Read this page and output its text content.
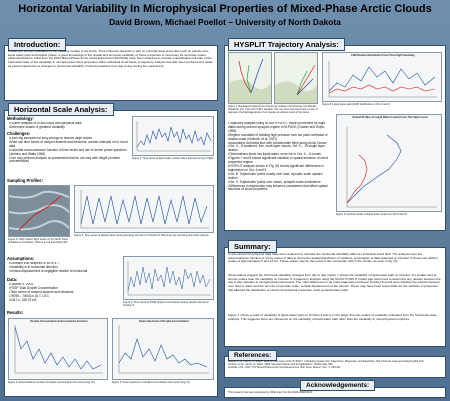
Horizontal Variability In Microphysical Properties of Mixed-Phase Arctic Clouds
David Brown, Michael Poellot – University of North Dakota
Introduction:
Clouds are strong modulators of the radiative budget in the Arctic. Their influence depends in part on microphysical properties such as particle size, liquid water path and particle phase. A good knowledge of the spatial and temporal variability of these properties is necessary for accurate model parameterizations. Data from the 2004 Mixed-Phase Arctic Cloud Experiment (M-PACE) have been analyzed to provide a quantitative estimate of the horizontal scale of the variability in microphysical cloud properties within individual cloud fields. A trajectory analysis has also been performed to relate air parcel trajectories to changes in horizontal variability of cloud properties from day to day during the experiment.
Horizontal Scale Analysis:
Methodology:
• Fourier analysis of in-situ cloud microphysical data
• Determine scales of greatest variability
Challenges:
• Level leg samples not long enough to resolve large scales
• Must use time series of ramped ascents and descents, contain intervals of no cloud data
• Calculate autocovariance function of time series and use to derive power spectrum (Jenkins and Watts 1968)
• Can only perform analysis on parameters that do not vary with height (number concentration)
Figure 1: Time series of liquid water content taken during level leg of flight
Sampling Profiles:
Figure 2: UND Citation flight tracks on the North Slope of Alaska on 9 October. Track is in red and Flight path
Figure 3: Time series of altitude taken during sampling interval on 9 October 8. Blue lines are sounding and scale analysis
Assumptions:
• Constant true airspeed of 80 m s⁻¹
• Variability is in horizontal direction
• Vertical displacement is negligible relative to horizontal
Data:
• October 9, 2004
• FSSP Total Droplet Concentration
• Time series of ramped ascents and descents
• 76096 – 78543 s (U.T. UTC
• 2447 s, 195.76 km
Figure 6: Time series of FSSP droplet concentration during sample interval on October 9
Results:
Droplet Concentration Autocovariance Function
Figure 4: Autocovariance function of droplet concentration time series (Fig. 3c)
Power Spectrum of Droplet Concentration
Figure 5: Power spectrum of droplet concentration time series (Fig. 3c)
HYSPLIT Trajectory Analysis:
Figure 7: Backwards trajectories of hourly air masses encountering over Barrow, Alaska for Oct. 9 and 10 of 48 h duration. The red, blue and green lines on Oct. 9 represent the backtrajectories of air masses at various levels of the cloud.
LWP Number Distribution From Time Flight Sounding
Figure 8: Liquid water path (LWP) distribution on Oct. 8 and 9
• Trajectory analysis using NOAA HYSPLIT model performed for flight dates during second synoptic regime of M-PACE (Draxler and Rolph, 1998)
• Regime consisted of building high pressure over ice pack northeast of Alaska coast (Verlinde, et al. 2007)
• Associated northeast flow with considerable fetch along Arctic Ocean
• Oct. 4 – 8 scattered, thin, multi-layer clouds, Oct. 9 – 15 single layer stratus
• Observations show low liquid water, more ice in Oct. 4 – 8 clouds
• Figures 7 and 8 shows significant variation in spatial structure of cloud properties regime
• HYSPLIT analysis shown in Fig. (8) shows significant differences in trajectories on Oct. 6 and 9
• Oct. 8: Trajectories' paths mostly over land, synoptic scale upward motion
• Oct. 9: Trajectories' paths over ocean, synoptic scale subsidence
• Differences in trajectories may influence parameters that affect spatial structure of cloud properties
Vertical Profiles of Liquid Water Content From The Flight Levels
Figure 9: Vertical profiles of liquid water content on Oct 8 and 10
Summary:
In-situ cloud microphysical data have been analyzed to estimate the horizontal variability within an individual cloud field. The analysis uses the autocovariance function of a time series of data to derive the spatial distribution of variance. An analysis of data collected on October 9 shows two distinct scales of approximately 5 and 12 km. These scales may be the result of the mesoscale rolls in the clouds, as seen in fig. (2).
Observations suggest the horizontal variability changed from day to day. Figure 7 shows the variability in liquid water path on October 4 is smaller and at shorter scales than the variability on October 9. A trajectory analysis using the NOAA HYSPLIT model was performed to determine any relation between the day to day variation in microphysical parameters. The main differences in air mass trajectories between October 8 and 9 were whether the parcels traveled over land or water and the amount of synoptic scale, vertical displacement of the parcels. These may have been responsible for the variation in properties that affected the distribution of cloud microphysical properties, such as liquid water path.
Figure 7 shows a scale of variability of liquid water path on October 9 that is much larger than the scales of variability estimated from the horizontal scale analysis. This suggests there are influences on the variability of liquid water path other than the variability in microphysical properties.
References:
Draxler, R. R., and G. D. Rolph, 1998: An Overview of the HYSPLIT_4 Modeling System For Trajectories, Dispersion, and Deposition. http://www.arl.noaa.gov/ready/hysplit4.html
Jenkins, G. M., and D. G. Watts, 1968: Spectral Analysis and its Applications. Holden-Day, 525
Verlinde, et al., 2007: The Mixed-Phase Arctic Cloud Experiment. Bull. Amer. Meteor. Soc., 2, 205-221
Acknowledgements:
This research has been supported by DOE Grant No. DE-FG02-06ER64160.
